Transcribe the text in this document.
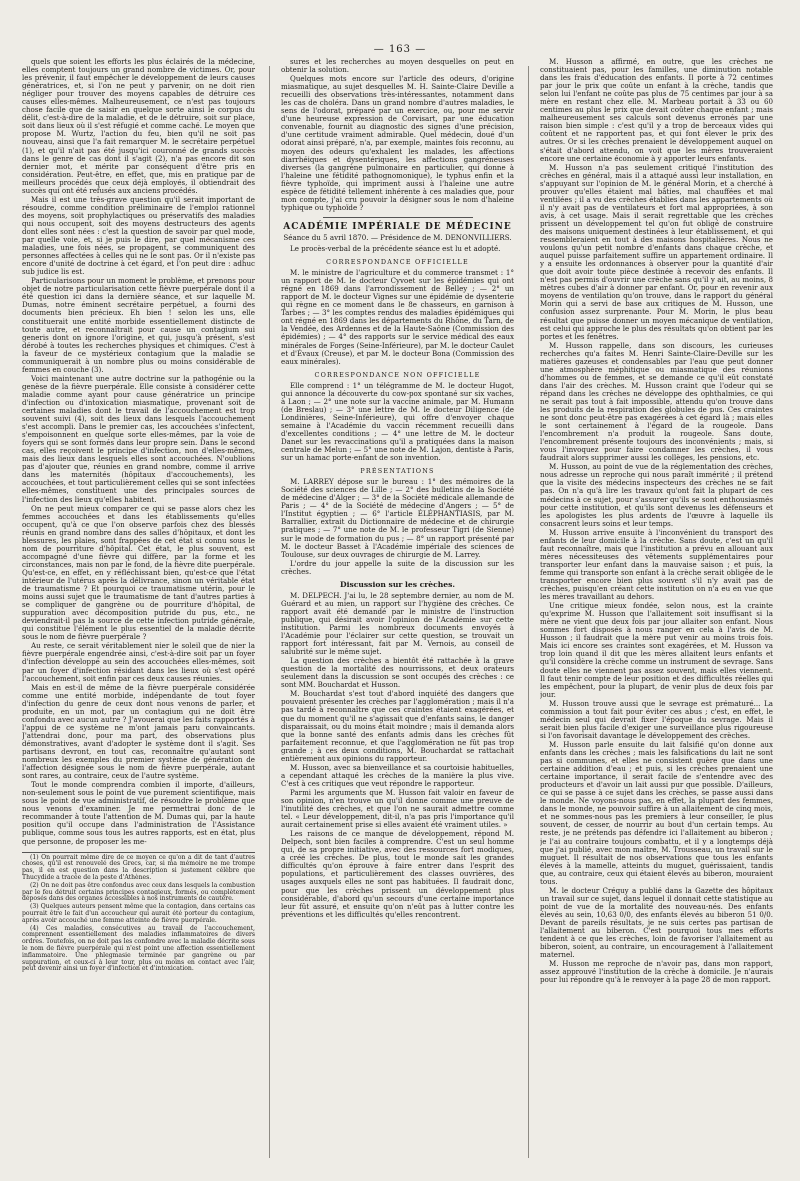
— 163 —

quels que soient les efforts les plus éclairés de la médecine, elles comptent toujours un grand nombre de victimes. Or, pour les prévenir, il faut empêcher le développement de leurs causes génératrices, et, si l'on ne peut y parvenir, on ne doit rien négliger pour trouver des moyens capables de détruire ces causes elles-mêmes. Malheureusement, ce n'est pas toujours chose facile que de saisir en quelque sorte ainsi le corpus du délit, c'est-à-dire de la maladie, et de le détruire, soit sur place, soit dans lieux où il s'est réfugié et comme caché. Le moyen que propose M. Wurtz, l'action du feu, bien qu'il ne soit pas nouveau, ainsi que l'a fait remarquer M. le secrétaire perpétuel (1), et qu'il n'ait pas été jusqu'ici couronné de grands succès dans le genre de cas dont il s'agit (2), n'a pas encore dit son dernier mot, et mérite par conséquent d'être pris en considération. Peut-être, en effet, que, mis en pratique par de meilleurs procédés que ceux déjà employés, il obtiendrait des succès qui ont été refusés aux anciens procédés.

Mais il est une très-grave question qu'il serait important de résoudre, comme condition préliminaire de l'emploi rationnel des moyens, soit prophylactiques ou préservatifs des maladies qui nous occupent, soit des moyens destructeurs des agents dont elles sont nées : c'est la question de savoir par quel mode, par quelle voie, et, si je puis le dire, par quel mécanisme ces maladies, une fois nées, se propagent, se communiquent des personnes affectées à celles qui ne le sont pas. Or il n'existe pas encore d'unité de doctrine à cet égard, et l'on peut dire : adhuc sub judice lis est.

Particularisons pour un moment le problème, et prenons pour objet de notre particularisation cette fièvre puerpérale dont il a été question ici dans la dernière séance, et sur laquelle M. Dumas, notre éminent secrétaire perpétuel, a fourni des documents bien précieux. Eh bien ! selon les uns, elle constituerait une entité morbide essentiellement distincte de toute autre, et reconnaîtrait pour cause un contagium sui generis dont on ignore l'origine, et qui, jusqu'à présent, s'est dérobé à toutes les recherches physiques et chimiques. C'est à la faveur de ce mystérieux contagium que la maladie se communiquerait à un nombre plus ou moins considérable de femmes en couche (3).

Voici maintenant une autre doctrine sur la pathogénie ou la genèse de la fièvre puerpérale. Elle consiste à considérer cette maladie comme ayant pour cause génératrice un principe d'infection ou d'intoxication miasmatique, provenant soit de certaines maladies dont le travail de l'accouchement est trop souvent suivi (4), soit des lieux dans lesquels l'accouchement s'est accompli. Dans le premier cas, les accouchées s'infectent, s'empoisonnent en quelque sorte elles-mêmes, par la voie de foyers qui se sont formés dans leur propre sein. Dans le second cas, elles reçoivent le principe d'infection, non d'elles-mêmes, mais des lieux dans lesquels elles sont accouchées. N'oublions pas d'ajouter que, réunies en grand nombre, comme il arrive dans les maternités (hôpitaux d'accouchements), les accouchées, et tout particulièrement celles qui se sont infectées elles-mêmes, constituent une des principales sources de l'infection des lieux qu'elles habitent.

On ne peut mieux comparer ce qui se passe alors chez les femmes accouchées et dans les établissements qu'elles occupent, qu'à ce que l'on observe parfois chez des blessés réunis en grand nombre dans des salles d'hôpitaux, et dont les blessures, les plaies, sont frappées de cet état si connu sous le nom de pourriture d'hôpital. Cet état, le plus souvent, est accompagné d'une fièvre qui diffère, par la forme et les circonstances, mais non par le fond, de la fièvre dite puerpérale. Qu'est-ce, en effet, en y réfléchissant bien, qu'est-ce que l'état intérieur de l'utérus après la délivrance, sinon un véritable état de traumatisme ? Et pourquoi ce traumatisme utérin, pour le moins aussi sujet que le traumatisme de tant d'autres parties à se compliquer de gangrène ou de pourriture d'hôpital, de suppuration avec décomposition putride du pus, etc., ne deviendrait-il pas la source de cette infection putride générale, qui constitue l'élément le plus essentiel de la maladie décrite sous le nom de fièvre puerpérale ?

Au reste, ce serait véritablement nier le soleil que de nier la fièvre puerpérale engendrée ainsi, c'est-à-dire soit par un foyer d'infection développé au sein des accouchées elles-mêmes, soit par un foyer d'infection résidant dans les lieux où s'est opéré l'accouchement, soit enfin par ces deux causes réunies.

Mais en est-il de même de la fièvre puerpérale considérée comme une entité morbide, indépendante de tout foyer d'infection du genre de ceux dont nous venons de parler, et produite, en un mot, par un contagium qui ne doit être confondu avec aucun autre ? J'avouerai que les faits rapportés à l'appui de ce système ne m'ont jamais paru convaincants. J'attendrai donc, pour ma part, des observations plus démonstratives, avant d'adopter le système dont il s'agit. Ses partisans devront, en tout cas, reconnaître qu'autant sont nombreux les exemples du premier système de génération de l'affection désignée sous le nom de fièvre puerpérale, autant sont rares, au contraire, ceux de l'autre système.

Tout le monde comprendra combien il importe, d'ailleurs, non-seulement sous le point de vue purement scientifique, mais sous le point de vue administratif, de résoudre le problème que nous venons d'examiner. Je me permettrai donc de le recommander à toute l'attention de M. Dumas qui, par la haute position qu'il occupe dans l'administration de l'Assistance publique, comme sous tous les autres rapports, est en état, plus que personne, de proposer les me-

(1) On pourrait même dire de ce moyen ce qu'on a dit de tant d'autres choses, qu'il est renouvelé des Grecs, car, si ma mémoire ne me trompe pas, il en est question dans la description si justement célèbre que Thucydide a tracée de la peste d'Athènes.

(2) On ne doit pas être confondus avec ceux dans lesquels la combustion par le feu détruit certains principes contagieux, formés, ou complètement déposés dans des organes accessibles à nos instruments de cautère.

(3) Quelques auteurs pensent même que la contagion, dans certains cas pourrait être le fait d'un accoucheur qui aurait été porteur du contagium, après avoir accouché une femme atteinte de fièvre puerpérale.

(4) Ces maladies, consécutives au travail de l'accouchement, comprennent essentiellement des maladies inflammatoires de divers ordres. Toutefois, on ne doit pas les confondre avec la maladie décrite sous le nom de fièvre puerpérale qui n'est point une affection essentiellement inflammatoire. Une phlegmasie terminée par gangrène ou par suppuration, et ceux-ci à leur tour, plus ou moins en contact avec l'air, peut devenir ainsi un foyer d'infection et d'intoxication.

sures et les recherches au moyen desquelles on peut en obtenir la solution.

Quelques mots encore sur l'article des odeurs, d'origine miasmatique, au sujet desquelles M. H. Sainte-Claire Deville a recueilli des observations très-intéressantes, notamment dans les cas de choléra. Dans un grand nombre d'autres maladies, le sens de l'odorat, préparé par un exercice, ou, pour me servir d'une heureuse expression de Corvisart, par une éducation convenable, fournit au diagnostic des signes d'une précision, d'une certitude vraiment admirable. Quel médecin, doué d'un odorat ainsi préparé, n'a, par exemple, maintes fois reconnu, au moyen des odeurs qu'exhalent les malades, les affections diarrhéiques et dysentériques, les affections gangréneuses diverses (la gangrène pulmonaire en particulier, qui donne à l'haleine une fétidité pathognomonique), le typhus enfin et la fièvre typhoïde, qui impriment aussi à l'haleine une autre espèce de fétidité tellement inhérente à ces maladies que, pour mon compte, j'ai cru pouvoir la désigner sous le nom d'haleine typhique ou typhoïde ?

ACADÉMIE IMPÉRIALE DE MÉDECINE
Séance du 5 avril 1870. — Présidence de M. DENONVILLIERS.

Le procès-verbal de la précédente séance est lu et adopté.

CORRESPONDANCE OFFICIELLE

M. le ministre de l'agriculture et du commerce transmet : 1° un rapport de M. le docteur Cyvoet sur les épidémies qui ont régné en 1869 dans l'arrondissement de Belley ; — 2° un rapport de M. le docteur Vignes sur une épidémie de dysenterie qui règne en ce moment dans le 8e chasseurs, en garnison à Tarbes ; — 3° les comptes rendus des maladies épidémiques qui ont régné en 1869 dans les départements du Rhône, du Tarn, de la Vendée, des Ardennes et de la Haute-Saône (Commission des épidémies) ; — 4° des rapports sur le service médical des eaux minérales de Forges (Seine-Inférieure), par M. le docteur Caulet et d'Évaux (Creuse), et par M. le docteur Bona (Commission des eaux minérales).

CORRESPONDANCE NON OFFICIELLE

Elle comprend : 1° un télégramme de M. le docteur Hugot, qui annonce la découverte du cow-pox spontané sur six vaches, à Laon ; — 2° une note sur la vaccine animale, par M. Humann (de Breslau) ; — 3° une lettre de M. le docteur Diligence (de Londinières, Seine-Inférieure), qui offre d'envoyer chaque semaine à l'Académie du vaccin récemment recueilli dans d'excellentes conditions ; — 4° une lettre de M. le docteur Danet sur les revaccinations qu'il a pratiquées dans la maison centrale de Melun ; — 5° une note de M. Lajon, dentiste à Paris, sur un hamac porte-enfant de son invention.

PRÉSENTATIONS

M. LARREY dépose sur le bureau : 1° des mémoires de la Société des sciences de Lille ; — 2° des bulletins de la Société de médecine d'Alger ; — 3° de la Société médicale allemande de Paris ; — 4° de la Société de médecine d'Angers ; — 5° de l'Institut égyptien ; — 6° l'article ÉLÉPHANTIASIS, par M. Barrallier, extrait du Dictionnaire de médecine et de chirurgie pratiques ; — 7° une note de M. le professeur Tigri (de Sienne) sur le mode de formation du pus ; — 8° un rapport présenté par M. le docteur Basset à l'Académie impériale des sciences de Toulouse, sur deux ouvrages de chirurgie de M. Larrey.

L'ordre du jour appelle la suite de la discussion sur les crèches.

Discussion sur les crèches.

M. DELPECH. J'ai lu, le 28 septembre dernier, au nom de M. Guérard et au mien, un rapport sur l'hygiène des crèches. Ce rapport avait été demandé par le ministre de l'instruction publique, qui désirait avoir l'opinion de l'Académie sur cette institution. Parmi les nombreux documents envoyés à l'Académie pour l'éclairer sur cette question, se trouvait un rapport fort intéressant, fait par M. Vernois, au conseil de salubrité sur le même sujet.

La question des crèches a bientôt été rattachée à la grave question de la mortalité des nourrissons, et deux orateurs seulement dans la discussion se sont occupés des crèches : ce sont MM. Bouchardat et Husson.

M. Bouchardat s'est tout d'abord inquiété des dangers que pouvaient présenter les crèches par l'agglomération ; mais il n'a pas tardé à reconnaître que ces craintes étaient exagérées, et que du moment qu'il ne s'agissait que d'enfants sains, le danger disparaissait, ou du moins était moindre ; mais il demanda alors que la bonne santé des enfants admis dans les crèches fût parfaitement reconnue, et que l'agglomération ne fût pas trop grande ; à ces deux conditions, M. Bouchardat se rattachait entièrement aux opinions du rapporteur.

M. Husson, avec sa bienveillance et sa courtoisie habituelles, a cependant attaqué les crèches de la manière la plus vive. C'est à ces critiques que veut répondre le rapporteur.

Parmi les arguments que M. Husson fait valoir en faveur de son opinion, n'en trouve un qu'il donne comme une preuve de l'inutilité des crèches, et que l'on ne saurait admettre comme tel. « Leur développement, dit-il, n'a pas pris l'importance qu'il aurait certainement prise si elles avaient été vraiment utiles. »

Les raisons de ce manque de développement, répond M. Delpech, sont bien faciles à comprendre. C'est un seul homme qui, de sa propre initiative, avec des ressources fort modiques, a créé les crèches. De plus, tout le monde sait les grandes difficultés qu'on éprouve à faire entrer dans l'esprit des populations, et particulièrement des classes ouvrières, des usages auxquels elles ne sont pas habituées. Il faudrait donc, pour que les crèches prissent un développement plus considérable, d'abord qu'un secours d'une certaine importance leur fût assuré, et ensuite qu'on n'eût pas à lutter contre les préventions et les difficultés qu'elles rencontrent.

M. Husson a affirmé, en outre, que les crèches ne constituaient pas, pour les familles, une diminution notable dans les frais d'éducation des enfants. Il porte à 72 centimes par jour le prix que coûte un enfant à la crèche, tandis que selon lui l'enfant ne coûte pas plus de 75 centimes par jour à sa mère en restant chez elle. M. Marbeau portait à 33 ou 60 centimes au plus le prix que devait coûter chaque enfant ; mais malheureusement ses calculs sont devenus erronés par une raison bien simple : c'est qu'il y a trop de berceaux vides qui coûtent et ne rapportent pas, et qui font élever le prix des autres. Or si les crèches prenaient le développement auquel on s'était d'abord attendu, on voit que les mères trouveraient encore une certaine économie à y apporter leurs enfants.

M. Husson n'a pas seulement critiqué l'institution des crèches en général, mais il a attaqué aussi leur installation, en s'appuyant sur l'opinion de M. le général Morin, et a cherché à prouver qu'elles étaient mal bâties, mal chauffées et mal ventilées ; il a vu des crèches établies dans les appartements où il n'y avait pas de ventilateurs et fort mal appropriées, à son avis, à cet usage. Mais il serait regrettable que les crèches prissent un développement tel qu'on fut obligé de construire des maisons uniquement destinées à leur établissement, et qui ressembleraient en tout à des maisons hospitalières. Nous ne voulons qu'un petit nombre d'enfants dans chaque crèche, et auquel puisse parfaitement suffire un appartement ordinaire. Il y a ensuite les ordonnances à observer pour la quantité d'air que doit avoir toute pièce destinée à recevoir des enfants. Il n'est pas permis d'ouvrir une crèche sans qu'il y ait, au moins, 8 mètres cubes d'air à donner par enfant. Or, pour en revenir aux moyens de ventilation qu'on trouve, dans le rapport du général Morin qui a servi de base aux critiques de M. Husson, une confusion assez surprenante. Pour M. Morin, le plus beau résultat que puisse donner un moyen mécanique de ventilation, est celui qui approche le plus des résultats qu'on obtient par les portes et les fenêtres.

M. Husson rappelle, dans son discours, les curieuses recherches qu'a faites M. Henri Sainte-Claire-Deville sur les matières gazeuses et condensables par l'eau que peut donner une atmosphère méphitique ou miasmatique des réunions d'hommes ou de femmes, et se demande ce qu'il eût constaté dans l'air des crèches. M. Husson craint que l'odeur qui se répand dans les crèches ne développe des ophthalmies, ce qui ne serait pas tout à fait impossible, attendu qu'on trouve dans les produits de la respiration des globules de pus. Ces craintes ne sont donc peut-être pas exagérées à cet égard là ; mais elles le sont certainement à l'égard de la rougeole. Dans l'encombrement n'a produit la rougeole. Sans doute, l'encombrement présente toujours des inconvénients ; mais, si vous l'invoquez pour faire condamner les crèches, il vous faudrait alors supprimer aussi les collèges, les pensions, etc.

M. Husson, au point de vue de la réglementation des crèches, nous adresse un reproche qui nous paraît immérité ; il prétend que la visite des médecins inspecteurs des crèches ne se fait pas. On n'a qu'à lire les travaux qu'ont fait la plupart de ces médecins à ce sujet, pour s'assurer qu'ils se sont enthousiasmés pour cette institution, et qu'ils sont devenus les défenseurs et les apologistes les plus ardents de l'œuvre à laquelle ils consacrent leurs soins et leur temps.

M. Husson arrive ensuite à l'inconvénient du transport des enfants de leur domicile à la crèche. Sans doute, c'est un qu'il faut reconnaître, mais que l'institution a prévu en allouant aux mères nécessiteuses des vêtements supplémentaires pour transporter leur enfant dans la mauvaise saison ; et puis, la femme qui transporte son enfant à la crèche serait obligée de le transporter encore bien plus souvent s'il n'y avait pas de crèches, puisqu'en créant cette institution on n'a eu en vue que les mères travaillant au dehors.

Une critique mieux fondée, selon nous, est la crainte qu'exprime M. Husson que l'allaitement soit insuffisant si la mère ne vient que deux fois par jour allaiter son enfant. Nous sommes fort disposés à nous ranger en cela à l'avis de M. Husson ; il faudrait que la mère put venir au moins trois fois. Mais ici encore ses craintes sont exagérées, et M. Husson va trop loin quand il dit que les mères allaitent leurs enfants et qu'il considère la crèche comme un instrument de sevrage. Sans doute elles ne viennent pas assez souvent, mais elles viennent. Il faut tenir compte de leur position et des difficultés réelles qui les empêchent, pour la plupart, de venir plus de deux fois par jour.

M. Husson trouve aussi que le sevrage est prématuré... La commission a tout fait pour éviter ces abus ; c'est, en effet, le médecin seul qui devrait fixer l'époque du sevrage. Mais il serait bien plus facile d'exiger une surveillance plus rigoureuse si l'on favorisait davantage le développement des crèches.

M. Husson parle ensuite du lait falsifié qu'on donne aux enfants dans les crèches ; mais les falsifications du lait ne sont pas si communes, et elles ne consistent guère que dans une certaine addition d'eau ; et puis, si les crèches prenaient une certaine importance, il serait facile de s'entendre avec des producteurs et d'avoir un lait aussi pur que possible. D'ailleurs, ce qui se passe à ce sujet dans les crèches, se passe aussi dans le monde. Ne voyons-nous pas, en effet, la plupart des femmes, dans le monde, ne pouvoir suffire à un allaitement de cinq mois, et ne sommes-nous pas les premiers à leur conseiller, le plus souvent, de cesser, de nourrir au bout d'un certain temps. Au reste, je ne prétends pas défendre ici l'allaitement au biberon ; je l'ai au contraire toujours combattu, et il y a longtemps déjà que j'ai publié, avec mon maître, M. Trousseau, un travail sur le muguet. Il résultait de nos observations que tous les enfants élevés à la mamelle, atteints du muguet, guérissaient, tandis que, au contraire, ceux qui étaient élevés au biberon, mouraient tous.

M. le docteur Créquy a publié dans la Gazette des hôpitaux un travail sur ce sujet, dans lequel il donnait cette statistique au point de vue de la mortalité des nouveau-nés. Des enfants élevés au sein, 10,63 0/0, des enfants élevés au biberon 51 0/0. Devant de pareils résultats, je ne suis certes pas partisan de l'allaitement au biberon. C'est pourquoi tous mes efforts tendent à ce que les crèches, loin de favoriser l'allaitement au biberon, soient, au contraire, un encouragement à l'allaitement maternel.

M. Husson me reproche de n'avoir pas, dans mon rapport, assez approuvé l'institution de la crèche à domicile. Je n'aurais pour lui répondre qu'à le renvoyer à la page 28 de mon rapport.
